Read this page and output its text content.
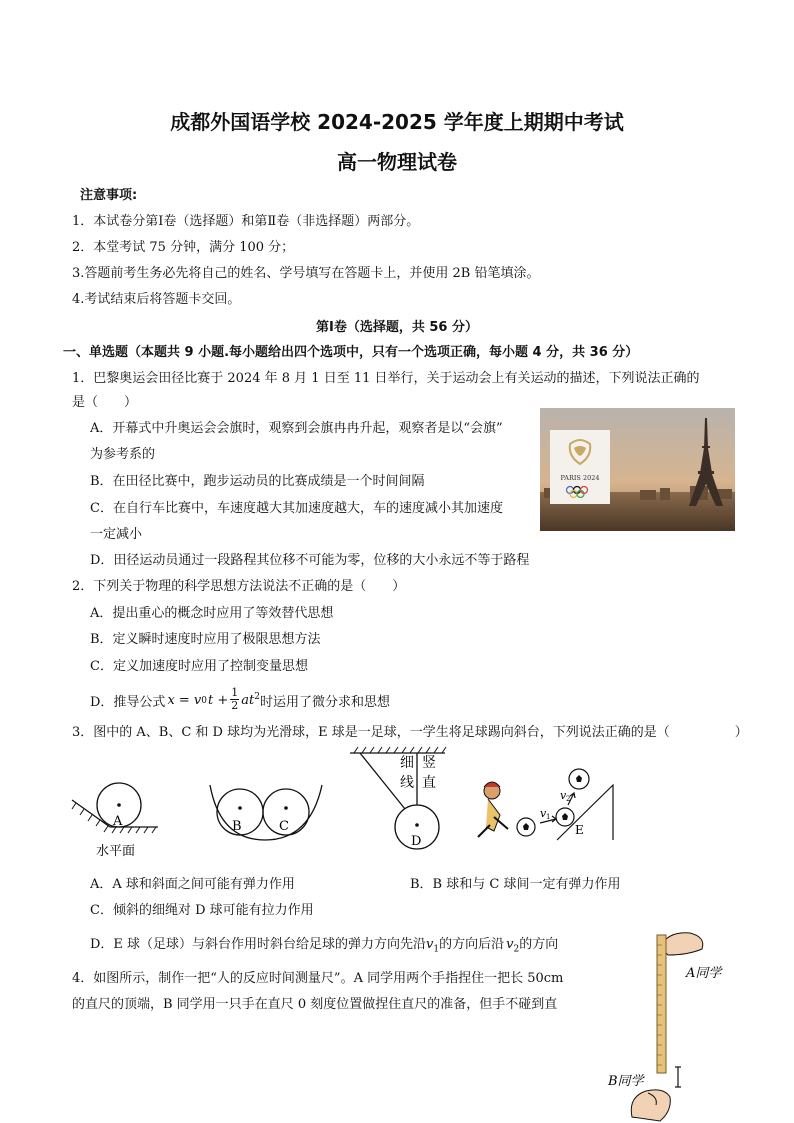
成都外国语学校 2024-2025 学年度上期期中考试
高一物理试卷
注意事项:
1．本试卷分第Ⅰ卷（选择题）和第Ⅱ卷（非选择题）两部分。
2．本堂考试 75 分钟，满分 100 分；
3.答题前考生务必先将自己的姓名、学号填写在答题卡上，并使用 2B 铅笔填涂。
4.考试结束后将答题卡交回。
第Ⅰ卷（选择题，共 56 分）
一、单选题（本题共 9 小题.每小题给出四个选项中，只有一个选项正确，每小题 4 分，共 36 分）
1．巴黎奥运会田径比赛于 2024 年 8 月 1 日至 11 日举行，关于运动会上有关运动的描述，下列说法正确的
是（　　）
A．开幕式中升奥运会会旗时，观察到会旗冉冉升起，观察者是以“会旗”
为参考系的
B．在田径比赛中，跑步运动员的比赛成绩是一个时间间隔
C．在自行车比赛中，车速度越大其加速度越大，车的速度减小其加速度
一定减小
D．田径运动员通过一段路程其位移不可能为零，位移的大小永远不等于路程
PARIS 2024
2．下列关于物理的科学思想方法说法不正确的是（　　）
A．提出重心的概念时应用了等效替代思想
B．定义瞬时速度时应用了极限思想方法
C．定义加速度时应用了控制变量思想
D．推导公式 x = v 0 $t + \frac{1}{2} at^2$ 时运用了微分求和思想
3．图中的 A、B、C 和 D 球均为光滑球，E 球是一足球，一学生将足球踢向斜台，下列说法正确的是（　　　　　）
A
水平面
B	C
细
线
竖
直
D
v 1
v 2
E
A．A 球和斜面之间可能有弹力作用	B．B 球和与 C 球间一定有弹力作用
C．倾斜的细绳对 D 球可能有拉力作用
D．E 球（足球）与斜台作用时斜台给足球的弹力方向先沿$v_1$的方向后沿 $v_2$的方向
4．如图所示，制作一把“人的反应时间测量尺”。A 同学用两个手指捏住一把长 50cm
的直尺的顶端，B 同学用一只手在直尺 0 刻度位置做捏住直尺的准备，但手不碰到直
A同学
B同学
